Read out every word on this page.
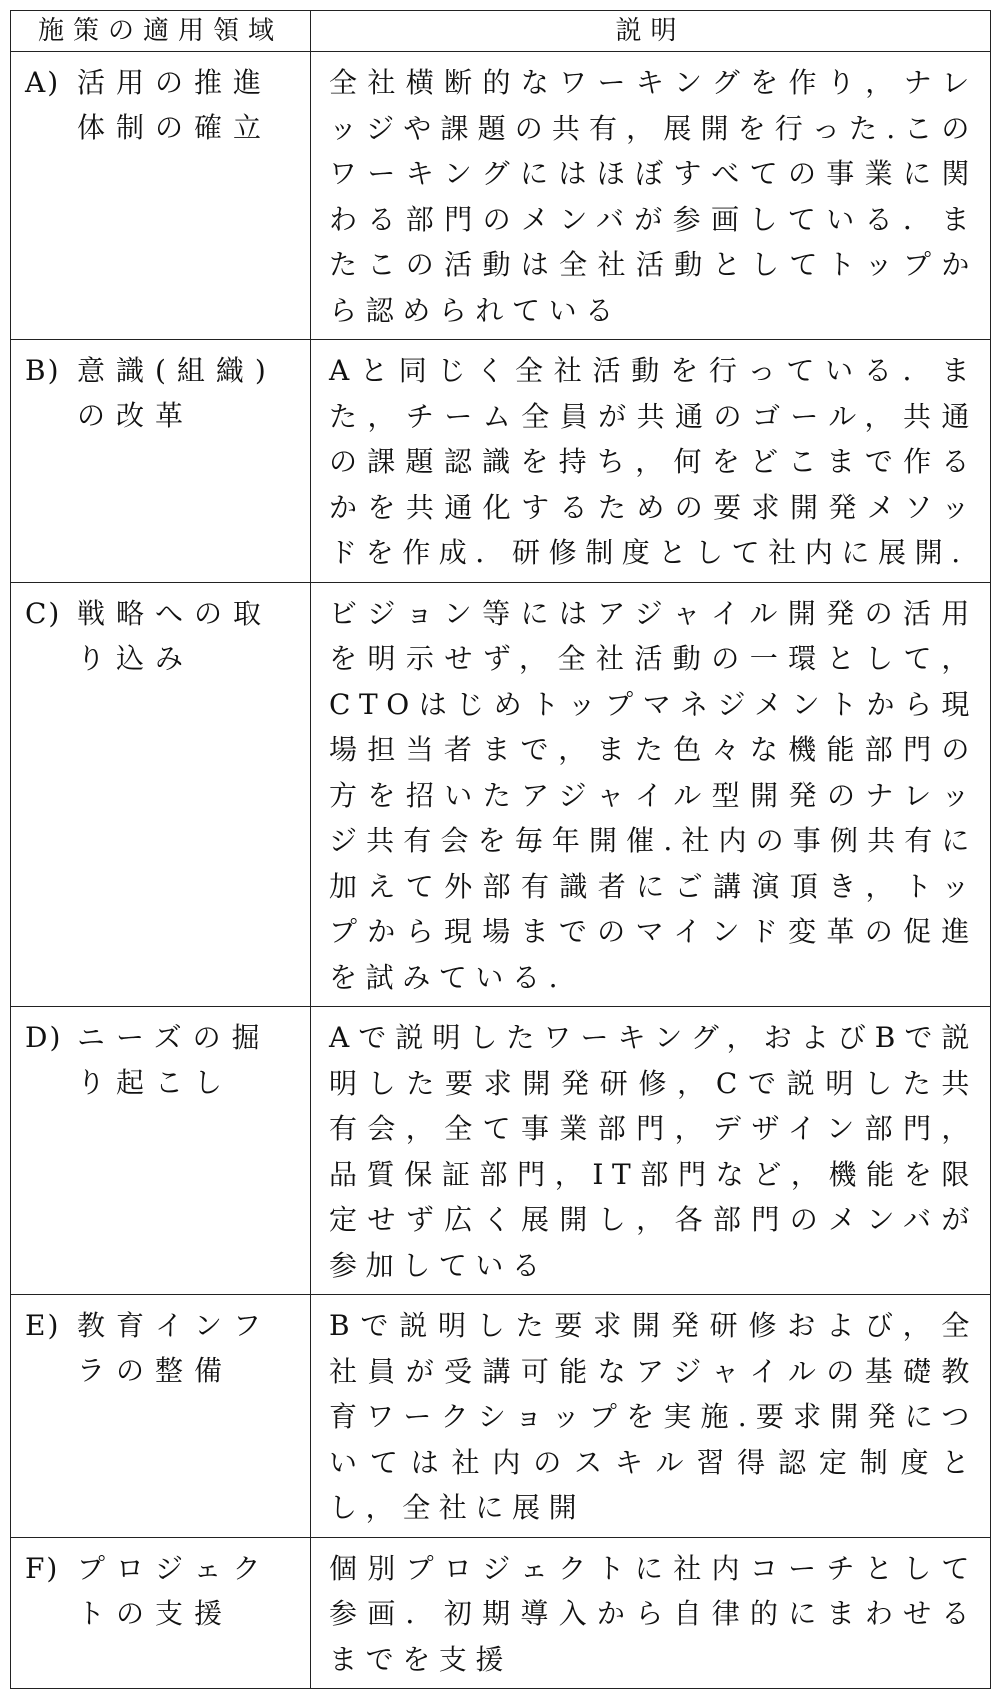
施策の適用領域	説明

A) 活用の推進体制の確立	全社横断的なワーキングを作り，ナレッジや課題の共有，展開を行った.このワーキングにはほぼすべての事業に関わる部門のメンバが参画している．またこの活動は全社活動としてトップから認められている

B) 意識(組織)の改革	Aと同じく全社活動を行っている．また，チーム全員が共通のゴール，共通の課題認識を持ち，何をどこまで作るかを共通化するための要求開発メソッドを作成．研修制度として社内に展開.

C) 戦略への取り込み	ビジョン等にはアジャイル開発の活用を明示せず，全社活動の一環として，CTOはじめトップマネジメントから現場担当者まで，また色々な機能部門の方を招いたアジャイル型開発のナレッジ共有会を毎年開催.社内の事例共有に加えて外部有識者にご講演頂き，トップから現場までのマインド変革の促進を試みている.

D) ニーズの掘り起こし	Aで説明したワーキング，およびBで説明した要求開発研修，Cで説明した共有会，全て事業部門，デザイン部門，品質保証部門，IT部門など，機能を限定せず広く展開し，各部門のメンバが参加している

E) 教育インフラの整備	Bで説明した要求開発研修および，全社員が受講可能なアジャイルの基礎教育ワークショップを実施.要求開発については社内のスキル習得認定制度とし，全社に展開

F) プロジェクトの支援	個別プロジェクトに社内コーチとして参画．初期導入から自律的にまわせるまでを支援
